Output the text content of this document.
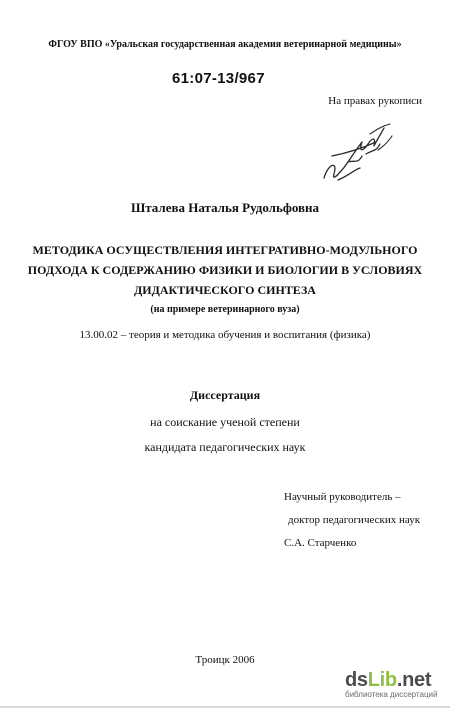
ФГОУ ВПО «Уральская государственная академия ветеринарной медицины»
61:07-13/967
На правах рукописи
Шталева Наталья Рудольфовна
МЕТОДИКА ОСУЩЕСТВЛЕНИЯ ИНТЕГРАТИВНО-МОДУЛЬНОГО
ПОДХОДА К СОДЕРЖАНИЮ ФИЗИКИ И БИОЛОГИИ В УСЛОВИЯХ
ДИДАКТИЧЕСКОГО СИНТЕЗА
(на примере ветеринарного вуза)
13.00.02 – теория и методика обучения и воспитания (физика)
Диссертация
на соискание ученой степени
кандидата педагогических наук
Научный руководитель –
доктор педагогических наук
С.А. Старченко
Троицк 2006
dsLib.net
библиотека диссертаций
